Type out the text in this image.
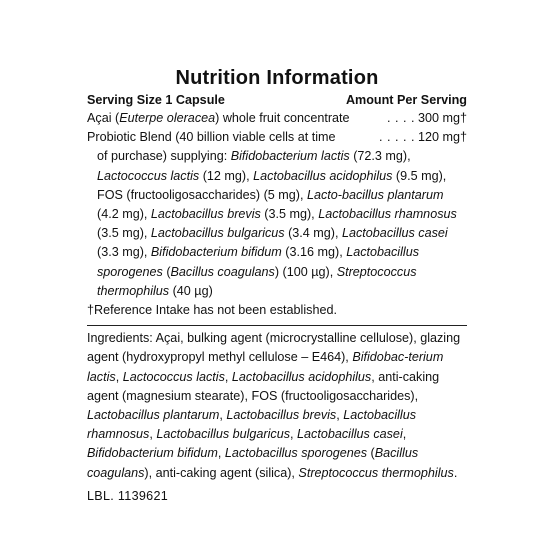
Nutrition Information
Serving Size 1 Capsule	Amount Per Serving
Açai (Euterpe oleracea) whole fruit concentrate	. . . . 300 mg†
Probiotic Blend (40 billion viable cells at time	. . . . . 120 mg†
of purchase) supplying: Bifidobacterium lactis (72.3 mg), Lactococcus lactis (12 mg), Lactobacillus acidophilus (9.5 mg), FOS (fructooligosaccharides) (5 mg), Lacto-bacillus plantarum (4.2 mg), Lactobacillus brevis (3.5 mg), Lactobacillus rhamnosus (3.5 mg), Lactobacillus bulgaricus (3.4 mg), Lactobacillus casei (3.3 mg), Bifidobacterium bifidum (3.16 mg), Lactobacillus sporogenes (Bacillus coagulans) (100 µg), Streptococcus thermophilus (40 µg)
†Reference Intake has not been established.
Ingredients: Açai, bulking agent (microcrystalline cellulose), glazing agent (hydroxypropyl methyl cellulose – E464), Bifidobac-terium lactis, Lactococcus lactis, Lactobacillus acidophilus, anti-caking agent (magnesium stearate), FOS (fructooligosaccharides), Lactobacillus plantarum, Lactobacillus brevis, Lactobacillus rhamnosus, Lactobacillus bulgaricus, Lactobacillus casei, Bifidobacterium bifidum, Lactobacillus sporogenes (Bacillus coagulans), anti-caking agent (silica), Streptococcus thermophilus.
LBL. 1139621
